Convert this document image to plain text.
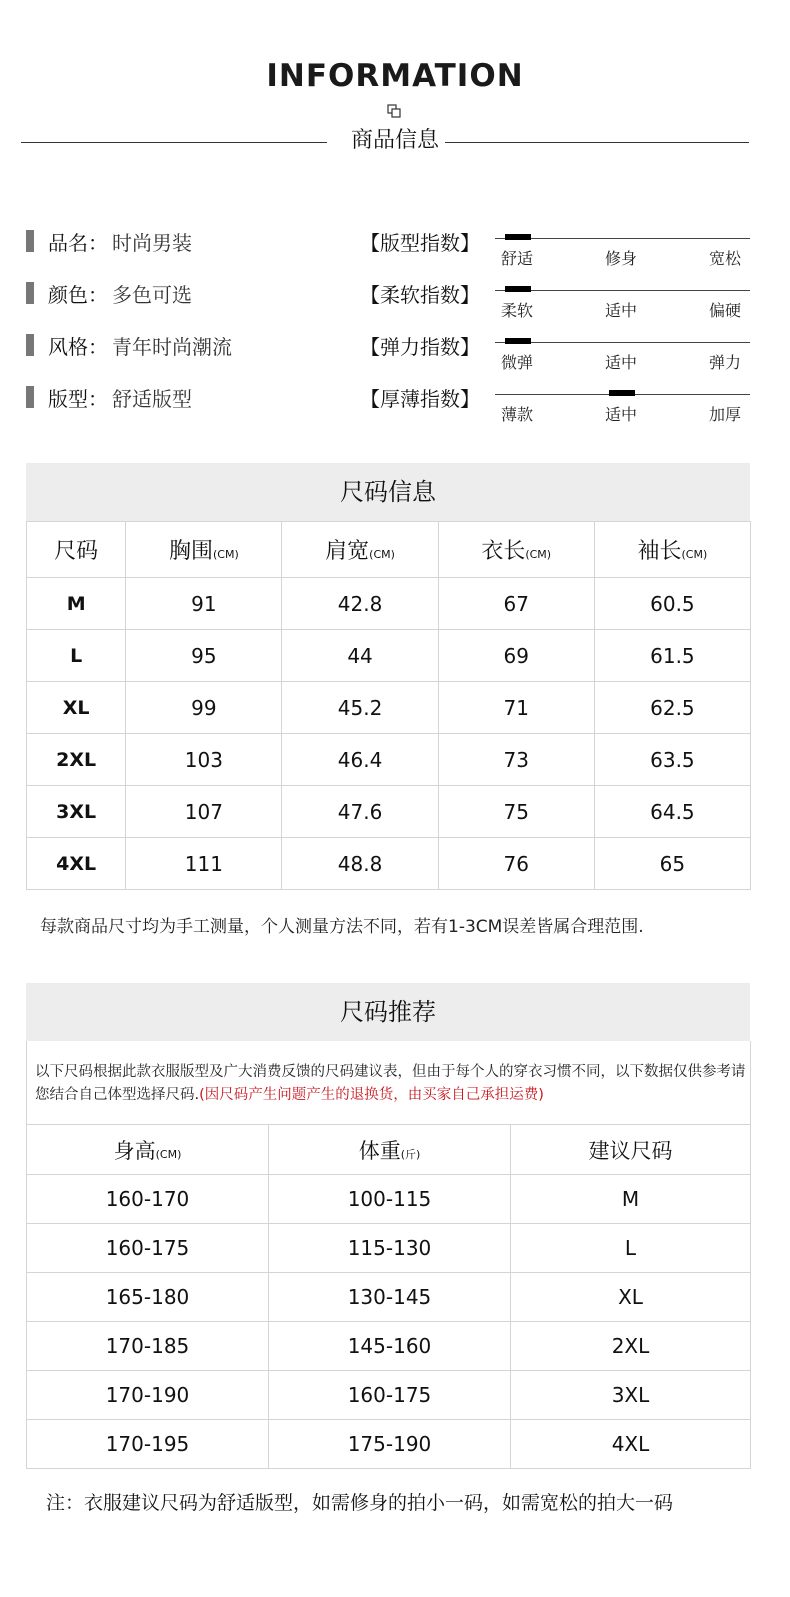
INFORMATION
商品信息
品名： 时尚男装
颜色： 多色可选
风格： 青年时尚潮流
版型： 舒适版型
【版型指数】
舒适	修身	宽松
【柔软指数】
柔软	适中	偏硬
【弹力指数】
微弹	适中	弹力
【厚薄指数】
薄款	适中	加厚
尺码信息
尺码	胸围(CM)	肩宽(CM)	衣长(CM)	袖长(CM)
M	91	42.8	67	60.5
L	95	44	69	61.5
XL	99	45.2	71	62.5
2XL	103	46.4	73	63.5
3XL	107	47.6	75	64.5
4XL	111	48.8	76	65
每款商品尺寸均为手工测量，个人测量方法不同，若有1-3CM误差皆属合理范围.
尺码推荐
以下尺码根据此款衣服版型及广大消费反馈的尺码建议表，但由于每个人的穿衣习惯不同，以下数据仅供参考请您结合自己体型选择尺码.(因尺码产生问题产生的退换货，由买家自己承担运费)
身高(CM)	体重(斤)	建议尺码
160-170	100-115	M
160-175	115-130	L
165-180	130-145	XL
170-185	145-160	2XL
170-190	160-175	3XL
170-195	175-190	4XL
注：衣服建议尺码为舒适版型，如需修身的拍小一码，如需宽松的拍大一码
